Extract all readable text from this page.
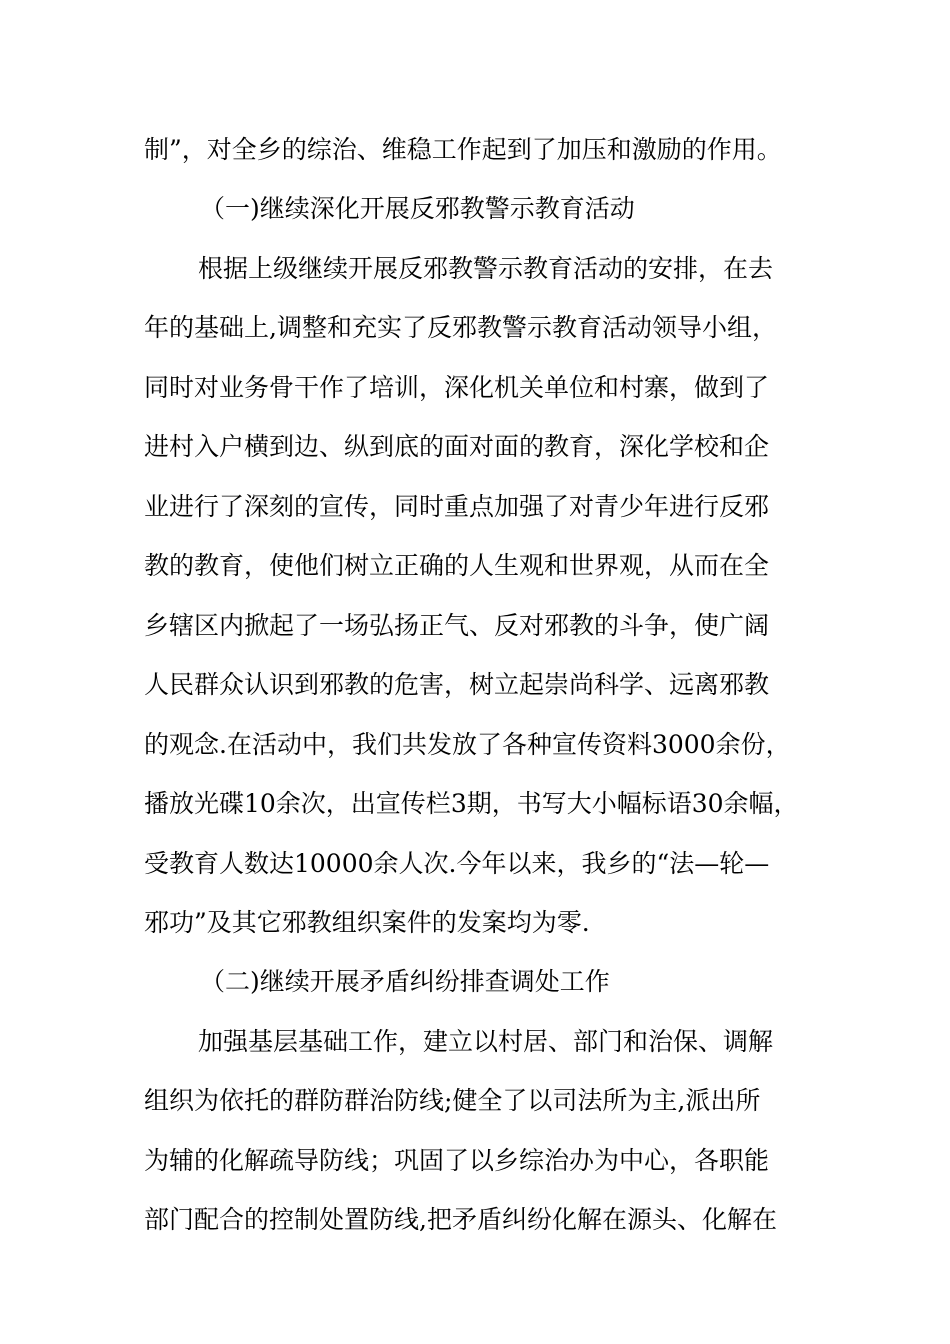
制”，对全乡的综治、维稳工作起到了加压和激励的作用。
（一)继续深化开展反邪教警示教育活动
根据上级继续开展反邪教警示教育活动的安排，在去
年的基础上,调整和充实了反邪教警示教育活动领导小组，
同时对业务骨干作了培训，深化机关单位和村寨，做到了
进村入户横到边、纵到底的面对面的教育，深化学校和企
业进行了深刻的宣传，同时重点加强了对青少年进行反邪
教的教育，使他们树立正确的人生观和世界观，从而在全
乡辖区内掀起了一场弘扬正气、反对邪教的斗争，使广阔
人民群众认识到邪教的危害，树立起崇尚科学、远离邪教
的观念.在活动中，我们共发放了各种宣传资料3000余份，
播放光碟10余次，出宣传栏3期，书写大小幅标语30余幅，
受教育人数达10000余人次.今年以来，我乡的“法—轮—
邪功”及其它邪教组织案件的发案均为零.
（二)继续开展矛盾纠纷排查调处工作
加强基层基础工作，建立以村居、部门和治保、调解
组织为依托的群防群治防线;健全了以司法所为主,派出所
为辅的化解疏导防线；巩固了以乡综治办为中心，各职能
部门配合的控制处置防线,把矛盾纠纷化解在源头、化解在
